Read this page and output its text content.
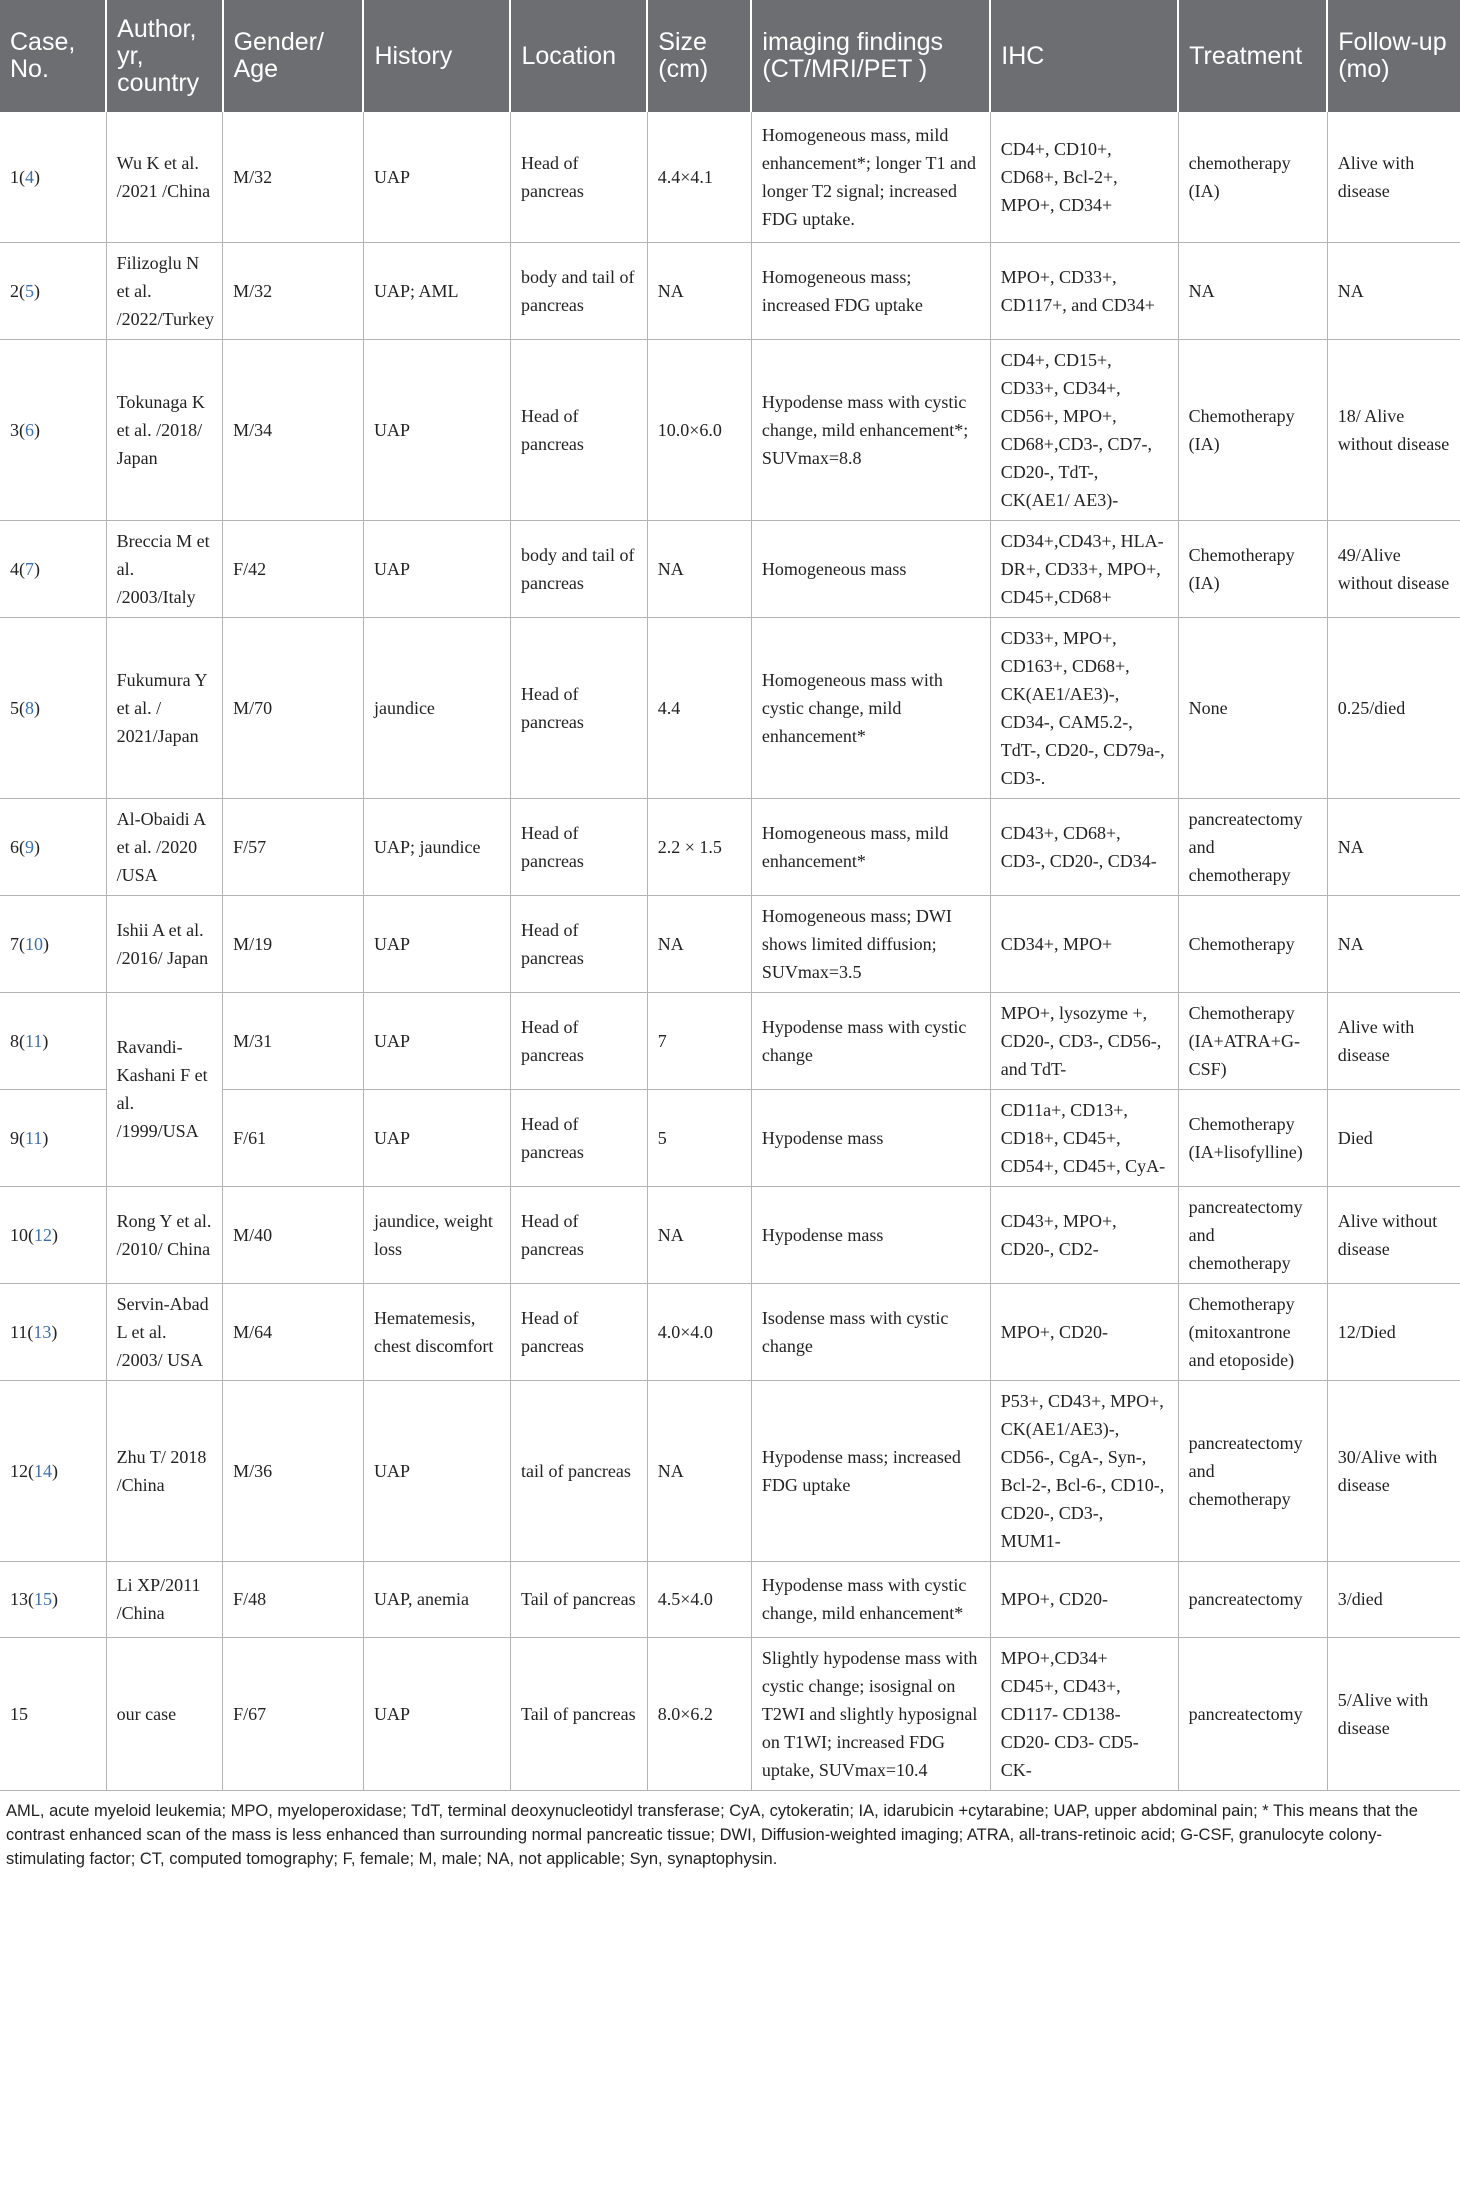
Case, No.	Author, yr, country	Gender/ Age	History	Location	Size (cm)	imaging findings (CT/MRI/PET )	IHC	Treatment	Follow-up (mo)
1(4)	Wu K et al. /2021 /China	M/32	UAP	Head of pancreas	4.4×4.1	Homogeneous mass, mild enhancement*; longer T1 and longer T2 signal; increased FDG uptake.	CD4+, CD10+, CD68+, Bcl-2+, MPO+, CD34+	chemotherapy (IA)	Alive with disease
2(5)	Filizoglu N et al. /2022/Turkey	M/32	UAP; AML	body and tail of pancreas	NA	Homogeneous mass; increased FDG uptake	MPO+, CD33+, CD117+, and CD34+	NA	NA
3(6)	Tokunaga K et al. /2018/ Japan	M/34	UAP	Head of pancreas	10.0×6.0	Hypodense mass with cystic change, mild enhancement*; SUVmax=8.8	CD4+, CD15+, CD33+, CD34+, CD56+, MPO+, CD68+,CD3-, CD7-, CD20-, TdT-, CK(AE1/ AE3)-	Chemotherapy (IA)	18/ Alive without disease
4(7)	Breccia M et al. /2003/Italy	F/42	UAP	body and tail of pancreas	NA	Homogeneous mass	CD34+,CD43+, HLA-DR+, CD33+, MPO+, CD45+,CD68+	Chemotherapy (IA)	49/Alive without disease
5(8)	Fukumura Y et al. / 2021/Japan	M/70	jaundice	Head of pancreas	4.4	Homogeneous mass with cystic change, mild enhancement*	CD33+, MPO+, CD163+, CD68+, CK(AE1/AE3)-, CD34-, CAM5.2-, TdT-, CD20-, CD79a-, CD3-.	None	0.25/died
6(9)	Al-Obaidi A et al. /2020 /USA	F/57	UAP; jaundice	Head of pancreas	2.2 × 1.5	Homogeneous mass, mild enhancement*	CD43+, CD68+, CD3-, CD20-, CD34-	pancreatectomy and chemotherapy	NA
7(10)	Ishii A et al. /2016/ Japan	M/19	UAP	Head of pancreas	NA	Homogeneous mass; DWI shows limited diffusion; SUVmax=3.5	CD34+, MPO+	Chemotherapy	NA
8(11)	Ravandi-Kashani F et al. /1999/USA	M/31	UAP	Head of pancreas	7	Hypodense mass with cystic change	MPO+, lysozyme +, CD20-, CD3-, CD56-, and TdT-	Chemotherapy (IA+ATRA+G-CSF)	Alive with disease
9(11)		F/61	UAP	Head of pancreas	5	Hypodense mass	CD11a+, CD13+, CD18+, CD45+, CD54+, CD45+, CyA-	Chemotherapy (IA+lisofylline)	Died
10(12)	Rong Y et al. /2010/ China	M/40	jaundice, weight loss	Head of pancreas	NA	Hypodense mass	CD43+, MPO+, CD20-, CD2-	pancreatectomy and chemotherapy	Alive without disease
11(13)	Servin-Abad L et al. /2003/ USA	M/64	Hematemesis, chest discomfort	Head of pancreas	4.0×4.0	Isodense mass with cystic change	MPO+, CD20-	Chemotherapy (mitoxantrone and etoposide)	12/Died
12(14)	Zhu T/ 2018 /China	M/36	UAP	tail of pancreas	NA	Hypodense mass; increased FDG uptake	P53+, CD43+, MPO+, CK(AE1/AE3)-, CD56-, CgA-, Syn-, Bcl-2-, Bcl-6-, CD10-, CD20-, CD3-, MUM1-	pancreatectomy and chemotherapy	30/Alive with disease
13(15)	Li XP/2011 /China	F/48	UAP, anemia	Tail of pancreas	4.5×4.0	Hypodense mass with cystic change, mild enhancement*	MPO+, CD20-	pancreatectomy	3/died
15	our case	F/67	UAP	Tail of pancreas	8.0×6.2	Slightly hypodense mass with cystic change; isosignal on T2WI and slightly hyposignal on T1WI; increased FDG uptake, SUVmax=10.4	MPO+,CD34+ CD45+, CD43+, CD117- CD138- CD20- CD3- CD5- CK-	pancreatectomy	5/Alive with disease
AML, acute myeloid leukemia; MPO, myeloperoxidase; TdT, terminal deoxynucleotidyl transferase; CyA, cytokeratin; IA, idarubicin +cytarabine; UAP, upper abdominal pain; * This means that the contrast enhanced scan of the mass is less enhanced than surrounding normal pancreatic tissue; DWI, Diffusion-weighted imaging; ATRA, all-trans-retinoic acid; G-CSF, granulocyte colony-stimulating factor; CT, computed tomography; F, female; M, male; NA, not applicable; Syn, synaptophysin.
